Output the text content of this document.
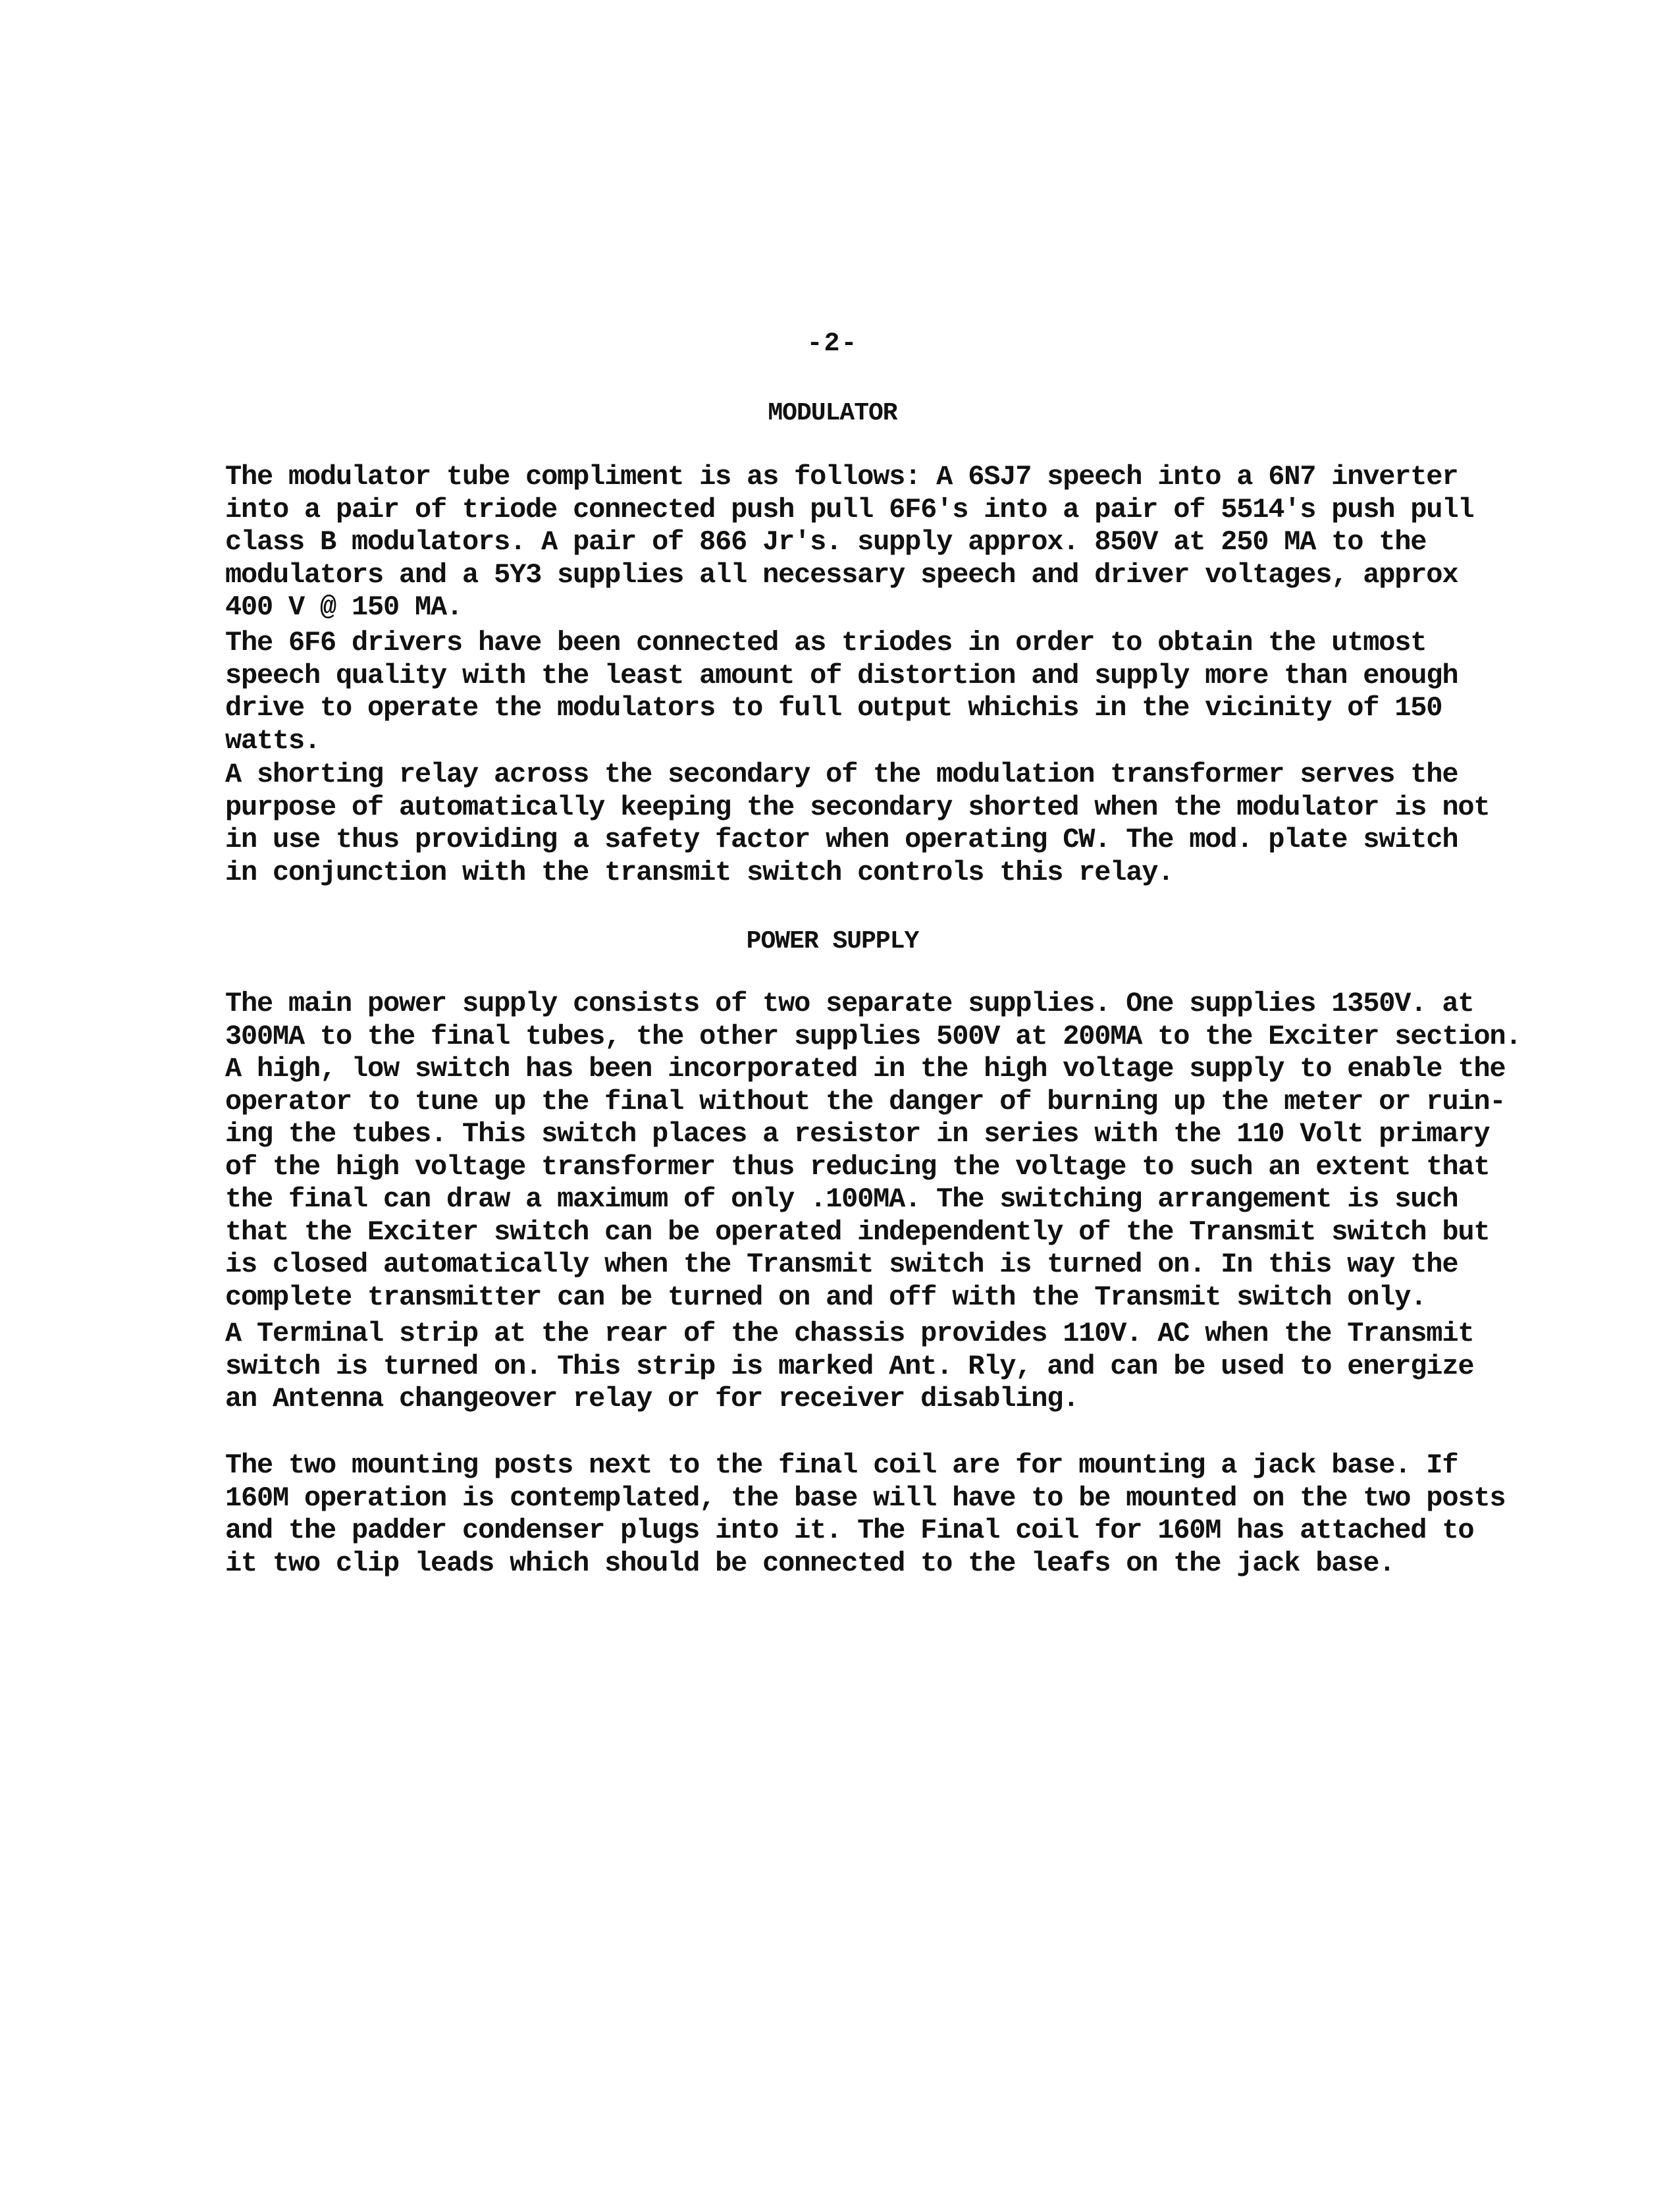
-2-
MODULATOR
The modulator tube compliment is as follows: A 6SJ7 speech into a 6N7 inverter
into a pair of triode connected push pull 6F6's into a pair of 5514's push pull
class B modulators. A pair of 866 Jr's. supply approx. 850V at 250 MA to the
modulators and a 5Y3 supplies all necessary speech and driver voltages, approx
400 V @ 150 MA.
The 6F6 drivers have been connected as triodes in order to obtain the utmost
speech quality with the least amount of distortion and supply more than enough
drive to operate the modulators to full output whichis in the vicinity of 150
watts.
A shorting relay across the secondary of the modulation transformer serves the
purpose of automatically keeping the secondary shorted when the modulator is not
in use thus providing a safety factor when operating CW. The mod. plate switch
in conjunction with the transmit switch controls this relay.
POWER SUPPLY
The main power supply consists of two separate supplies. One supplies 1350V. at
300MA to the final tubes, the other supplies 500V at 200MA to the Exciter section.
A high, low switch has been incorporated in the high voltage supply to enable the
operator to tune up the final without the danger of burning up the meter or ruin-
ing the tubes. This switch places a resistor in series with the 110 Volt primary
of the high voltage transformer thus reducing the voltage to such an extent that
the final can draw a maximum of only .100MA. The switching arrangement is such
that the Exciter switch can be operated independently of the Transmit switch but
is closed automatically when the Transmit switch is turned on. In this way the
complete transmitter can be turned on and off with the Transmit switch only.
A Terminal strip at the rear of the chassis provides 110V. AC when the Transmit
switch is turned on. This strip is marked Ant. Rly, and can be used to energize
an Antenna changeover relay or for receiver disabling.
The two mounting posts next to the final coil are for mounting a jack base. If
160M operation is contemplated, the base will have to be mounted on the two posts
and the padder condenser plugs into it. The Final coil for 160M has attached to
it two clip leads which should be connected to the leafs on the jack base.
